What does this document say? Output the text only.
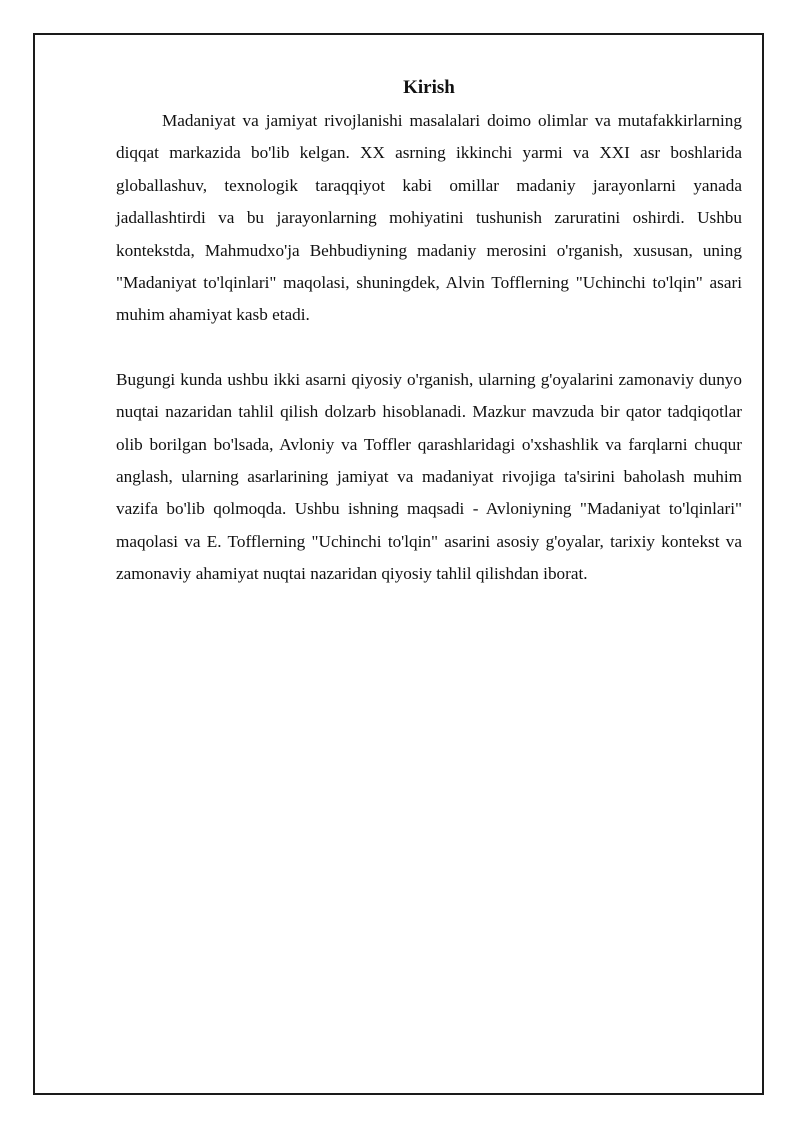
Kirish

Madaniyat va jamiyat rivojlanishi masalalari doimo olimlar va mutafakkirlarning diqqat markazida bo'lib kelgan. XX asrning ikkinchi yarmi va XXI asr boshlarida globallashuv, texnologik taraqqiyot kabi omillar madaniy jarayonlarni yanada jadallashtirdi va bu jarayonlarning mohiyatini tushunish zaruratini oshirdi. Ushbu kontekstda, Mahmudxo'ja Behbudiyning madaniy merosini o'rganish, xususan, uning "Madaniyat to'lqinlari" maqolasi, shuningdek, Alvin Tofflerning "Uchinchi to'lqin" asari muhim ahamiyat kasb etadi.

Bugungi kunda ushbu ikki asarni qiyosiy o'rganish, ularning g'oyalarini zamonaviy dunyo nuqtai nazaridan tahlil qilish dolzarb hisoblanadi. Mazkur mavzuda bir qator tadqiqotlar olib borilgan bo'lsada, Avloniy va Toffler qarashlaridagi o'xshashlik va farqlarni chuqur anglash, ularning asarlarining jamiyat va madaniyat rivojiga ta'sirini baholash muhim vazifa bo'lib qolmoqda. Ushbu ishning maqsadi - Avloniyning "Madaniyat to'lqinlari" maqolasi va E. Tofflerning "Uchinchi to'lqin" asarini asosiy g'oyalar, tarixiy kontekst va zamonaviy ahamiyat nuqtai nazaridan qiyosiy tahlil qilishdan iborat.
